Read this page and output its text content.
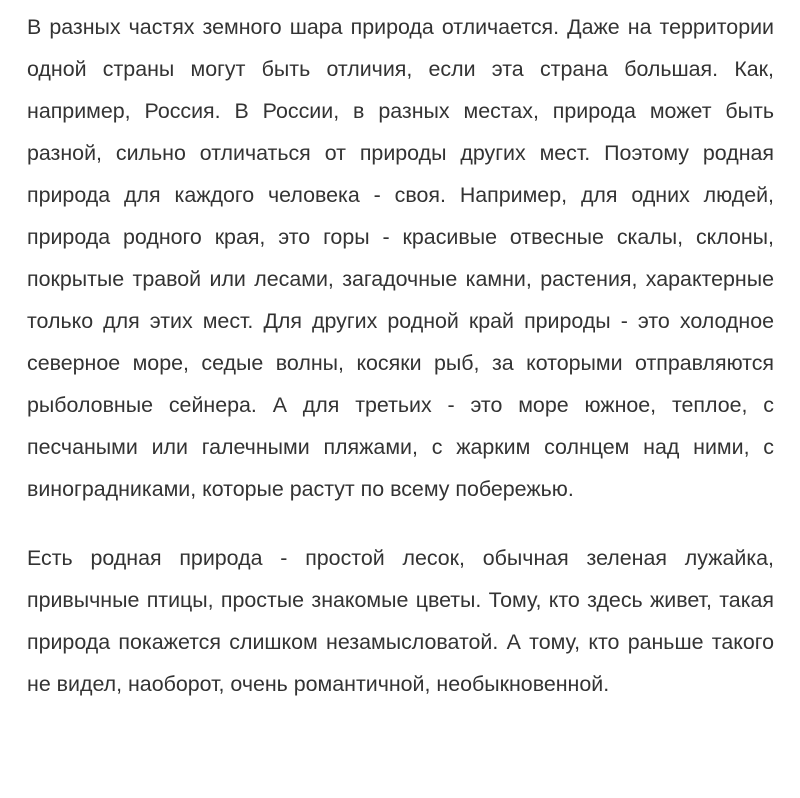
В разных частях земного шара природа отличается. Даже на территории одной страны могут быть отличия, если эта страна большая. Как, например, Россия. В России, в разных местах, природа может быть разной, сильно отличаться от природы других мест. Поэтому родная природа для каждого человека - своя. Например, для одних людей, природа родного края, это горы - красивые отвесные скалы, склоны, покрытые травой или лесами, загадочные камни, растения, характерные только для этих мест. Для других родной край природы - это холодное северное море, седые волны, косяки рыб, за которыми отправляются рыболовные сейнера. А для третьих - это море южное, теплое, с песчаными или галечными пляжами, с жарким солнцем над ними, с виноградниками, которые растут по всему побережью.

Есть родная природа - простой лесок, обычная зеленая лужайка, привычные птицы, простые знакомые цветы. Тому, кто здесь живет, такая природа покажется слишком незамысловатой. А тому, кто раньше такого не видел, наоборот, очень романтичной, необыкновенной.
